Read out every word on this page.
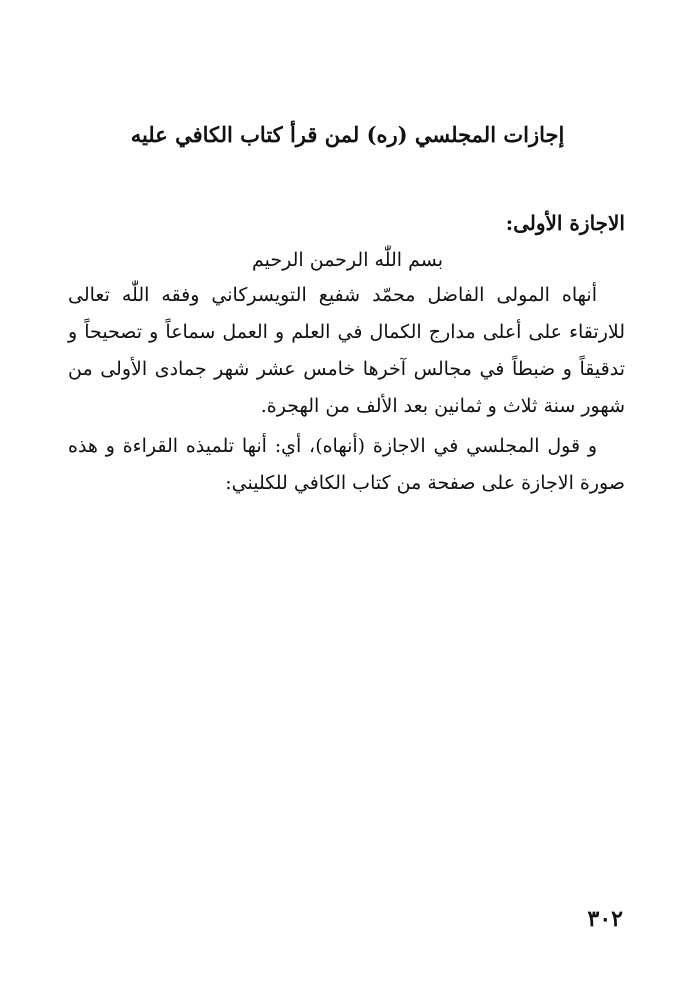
إجازات المجلسي (ره) لمن قرأ كتاب الكافي عليه
الاجازة الأولى:
بسم اللّٰه الرحمن الرحيم

أنهاه المولى الفاضل محمّد شفيع التويسركاني وفقه اللّٰه تعالى للارتقاء على أعلى مدارج الكمال في العلم و العمل سماعاً و تصحيحاً و تدقيقاً و ضبطاً في مجالس آخرها خامس عشر شهر جمادى الأولى من شهور سنة ثلاث و ثمانين بعد الألف من الهجرة.

و قول المجلسي في الاجازة (أنهاه)، أي: أنها تلميذه القراءة و هذه صورة الاجازة على صفحة من كتاب الكافي للكليني:

٣٠٢
